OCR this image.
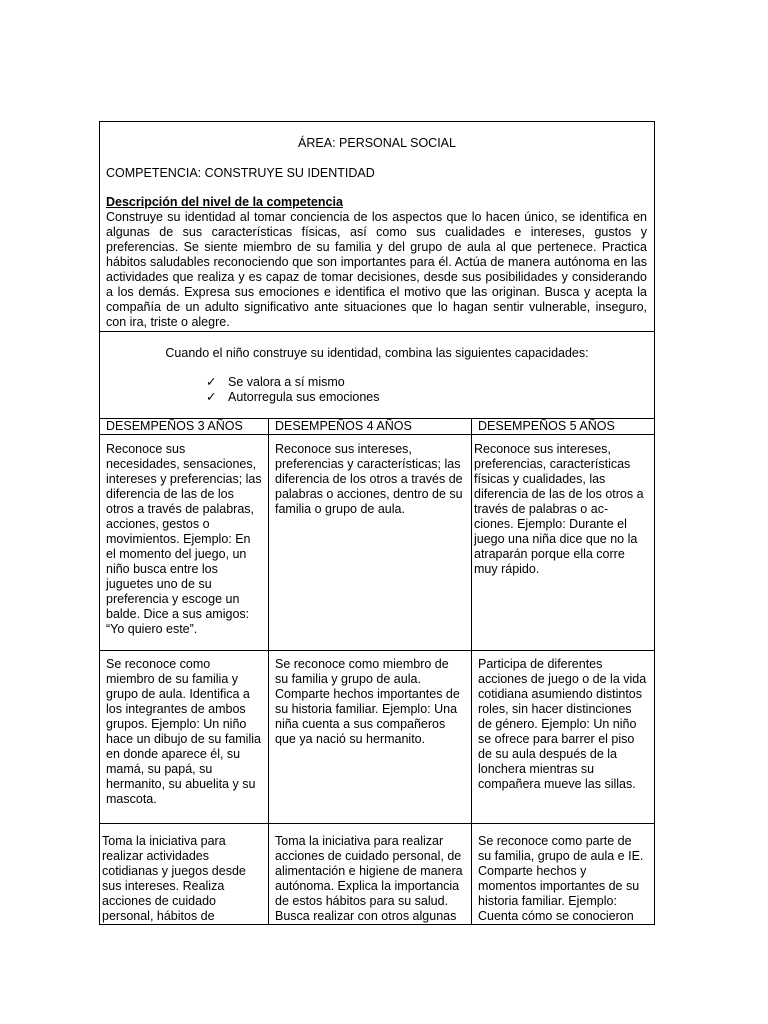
ÁREA: PERSONAL SOCIAL
COMPETENCIA: CONSTRUYE SU IDENTIDAD
Descripción del nivel de la competencia
Construye su identidad al tomar conciencia de los aspectos que lo hacen único, se identifica en algunas de sus características físicas, así como sus cualidades e intereses, gustos y preferencias. Se siente miembro de su familia y del grupo de aula al que pertenece. Practica hábitos saludables reconociendo que son importantes para él. Actúa de manera autónoma en las actividades que realiza y es capaz de tomar decisiones, desde sus posibilidades y considerando a los demás. Expresa sus emociones e identifica el motivo que las originan. Busca y acepta la compañía de un adulto significativo ante situaciones que lo hagan sentir vulnerable, inseguro, con ira, triste o alegre.
Cuando el niño construye su identidad, combina las siguientes capacidades:
✓ Se valora a sí mismo
✓ Autorregula sus emociones
DESEMPEÑOS 3 AÑOS	DESEMPEÑOS 4 AÑOS	DESEMPEÑOS 5 AÑOS
Reconoce sus necesidades, sensaciones, intereses y preferencias; las diferencia de las de los otros a través de palabras, acciones, gestos o movimientos. Ejemplo: En el momento del juego, un niño busca entre los juguetes uno de su preferencia y escoge un balde. Dice a sus amigos: “Yo quiero este”.
Reconoce sus intereses, preferencias y características; las diferencia de los otros a través de palabras o acciones, dentro de su familia o grupo de aula.
Reconoce sus intereses, preferencias, características físicas y cualidades, las diferencia de las de los otros a través de palabras o ac-ciones. Ejemplo: Durante el juego una niña dice que no la atraparán porque ella corre muy rápido.
Se reconoce como miembro de su familia y grupo de aula. Identifica a los integrantes de ambos grupos. Ejemplo: Un niño hace un dibujo de su familia en donde aparece él, su mamá, su papá, su hermanito, su abuelita y su mascota.
Se reconoce como miembro de su familia y grupo de aula. Comparte hechos importantes de su historia familiar. Ejemplo: Una niña cuenta a sus compañeros que ya nació su hermanito.
Participa de diferentes acciones de juego o de la vida cotidiana asumiendo distintos roles, sin hacer distinciones de género. Ejemplo: Un niño se ofrece para barrer el piso de su aula después de la lonchera mientras su compañera mueve las sillas.
Toma la iniciativa para realizar actividades cotidianas y juegos desde sus intereses. Realiza acciones de cuidado personal, hábitos de
Toma la iniciativa para realizar acciones de cuidado personal, de alimentación e higiene de manera autónoma. Explica la importancia de estos hábitos para su salud. Busca realizar con otros algunas
Se reconoce como parte de su familia, grupo de aula e IE. Comparte hechos y momentos importantes de su historia familiar. Ejemplo: Cuenta cómo se conocieron
